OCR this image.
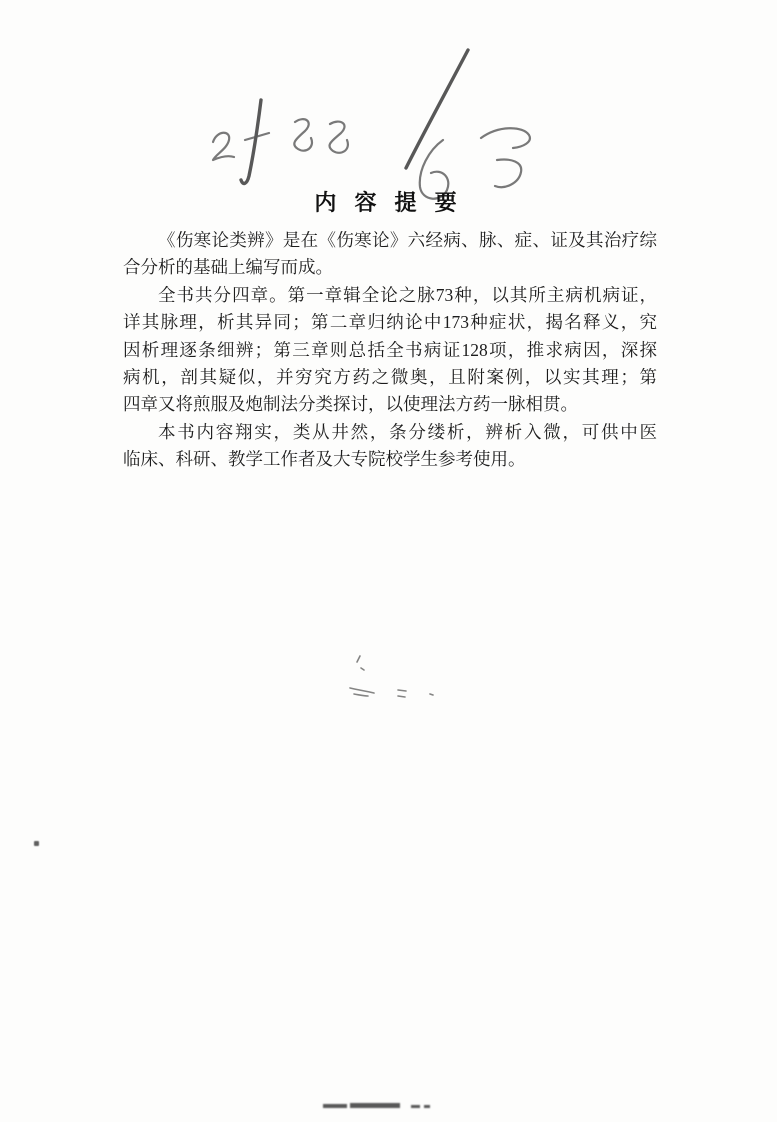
内 容 提 要
《伤寒论类辨》是在《伤寒论》六经病、脉、症、证及其治疗综
合分析的基础上编写而成。
全书共分四章。第一章辑全论之脉73种，以其所主病机病证，
详其脉理，析其异同；第二章归纳论中173种症状，揭名释义，究
因析理逐条细辨；第三章则总括全书病证128项，推求病因，深探
病机，剖其疑似，并穷究方药之微奥，且附案例，以实其理；第
四章又将煎服及炮制法分类探讨，以使理法方药一脉相贯。
本书内容翔实，类从井然，条分缕析，辨析入微，可供中医
临床、科研、教学工作者及大专院校学生参考使用。
